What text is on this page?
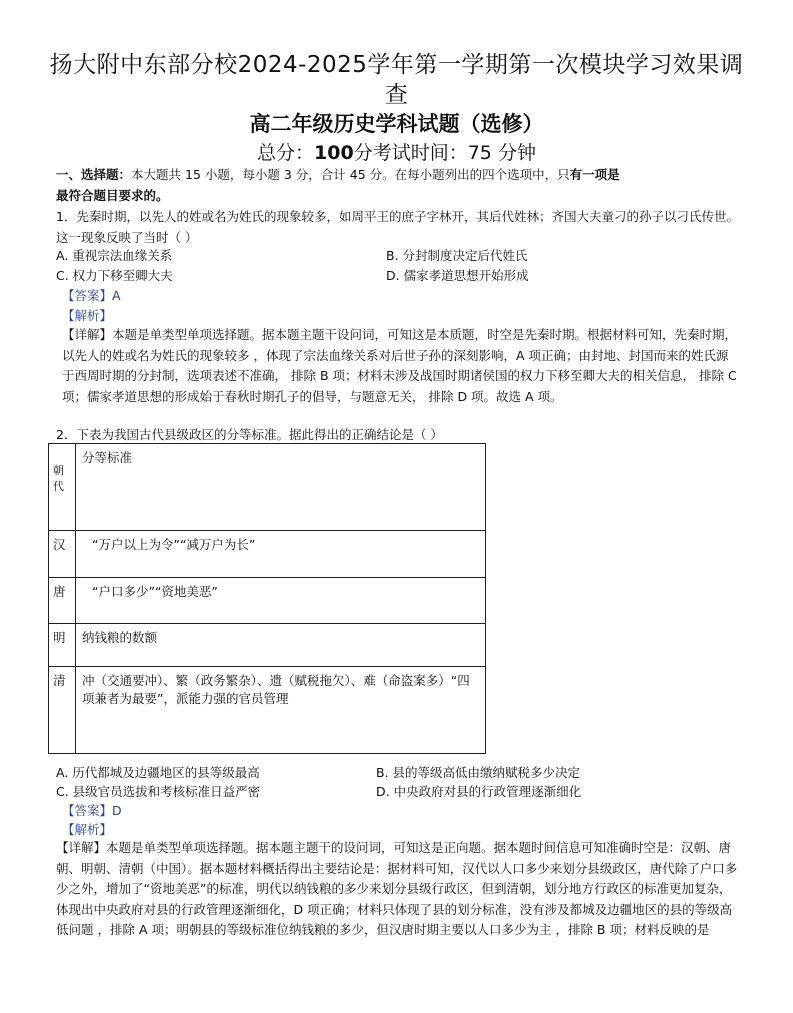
扬大附中东部分校2024-2025学年第一学期第一次模块学习效果调
查
高二年级历史学科试题（选修）
总分：100分考试时间：75 分钟
一、选择题：本大题共 15 小题，每小题 3 分，合计 45 分。在每小题列出的四个选项中，只有一项是
最符合题目要求的。
1．先秦时期，以先人的姓或名为姓氏的现象较多，如周平王的庶子字林开，其后代姓林；齐国大夫童刁的孙子以刁氏传世。这一现象反映了当时（ ）
A. 重视宗法血缘关系	B. 分封制度决定后代姓氏
C. 权力下移至卿大夫	D. 儒家孝道思想开始形成
【答案】A
【解析】
【详解】本题是单类型单项选择题。据本题主题干设问词，可知这是本质题，时空是先秦时期。根据材料可知，先秦时期，以先人的姓或名为姓氏的现象较多 ，体现了宗法血缘关系对后世子孙的深刻影响，A 项正确；由封地、封国而来的姓氏源于西周时期的分封制，选项表述不准确， 排除 B 项；材料未涉及战国时期诸侯国的权力下移至卿大夫的相关信息， 排除 C 项；儒家孝道思想的形成始于春秋时期孔子的倡导，与题意无关， 排除 D 项。故选 A 项。
2．下表为我国古代县级政区的分等标准。据此得出的正确结论是（ ）
朝代	分等标准
汉	“万户以上为令”“减万户为长”
唐	“户口多少”“资地美恶”
明	纳钱粮的数额
清	冲（交通要冲）、繁（政务繁杂）、遗（赋税拖欠）、难（命盗案多）“四项兼者为最要”，派能力强的官员管理
A. 历代都城及边疆地区的县等级最高	B. 县的等级高低由缴纳赋税多少决定
C. 县级官员选拔和考核标准日益严密	D. 中央政府对县的行政管理逐渐细化
【答案】D
【解析】
【详解】本题是单类型单项选择题。据本题主题干的设问词，可知这是正向题。据本题时间信息可知准确时空是：汉朝、唐朝、明朝、清朝（中国）。据本题材料概括得出主要结论是：据材料可知，汉代以人口多少来划分县级政区，唐代除了户口多少之外，增加了“资地美恶”的标准，明代以纳钱粮的多少来划分县级行政区，但到清朝，划分地方行政区的标准更加复杂，体现出中央政府对县的行政管理逐渐细化，D 项正确；材料只体现了县的划分标准，没有涉及都城及边疆地区的县的等级高低问题 ，排除 A 项；明朝县的等级标准位纳钱粮的多少，但汉唐时期主要以人口多少为主 ，排除 B 项；材料反映的是
